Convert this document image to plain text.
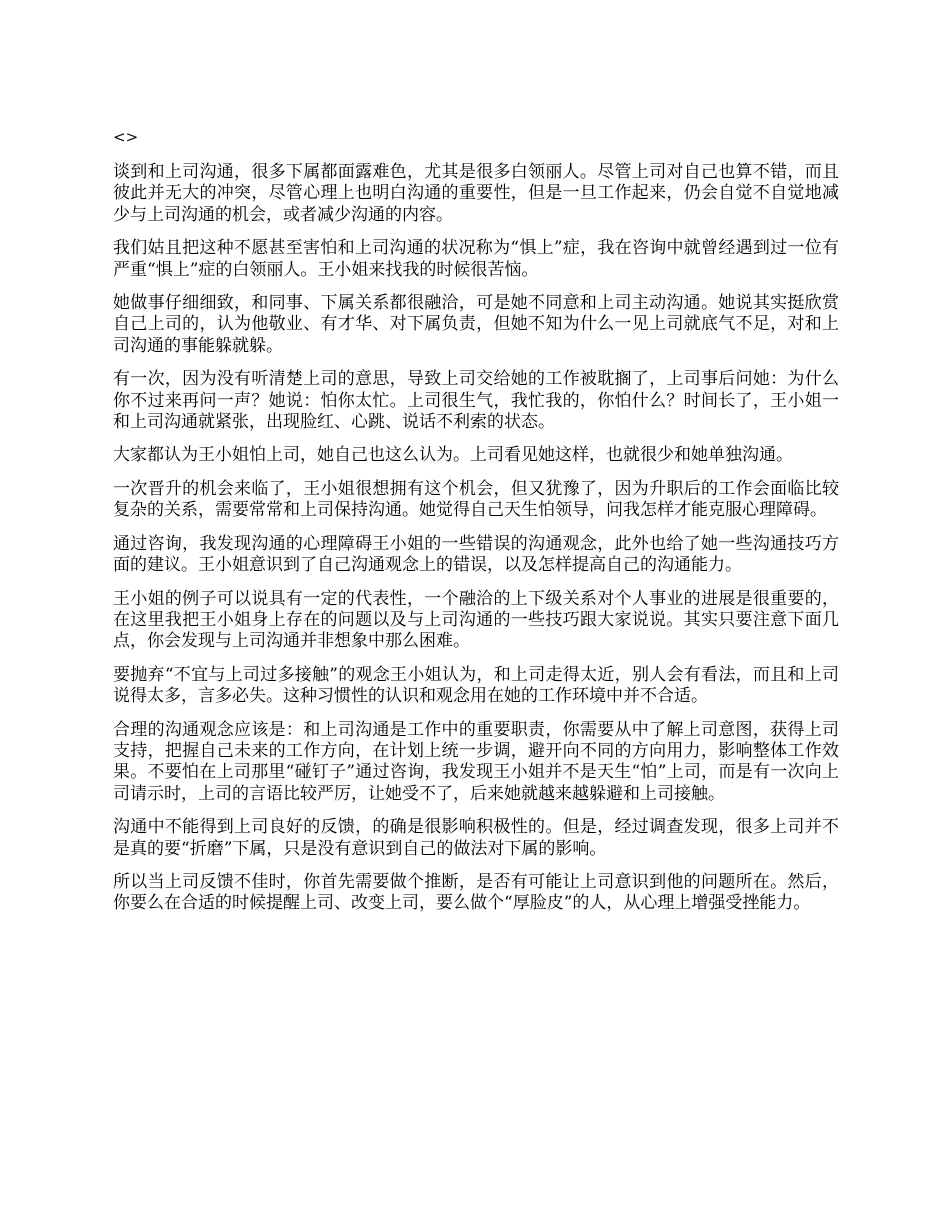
<>

谈到和上司沟通，很多下属都面露难色，尤其是很多白领丽人。尽管上司对自己也算不错，而且彼此并无大的冲突，尽管心理上也明白沟通的重要性，但是一旦工作起来，仍会自觉不自觉地减少与上司沟通的机会，或者减少沟通的内容。

我们姑且把这种不愿甚至害怕和上司沟通的状况称为“惧上”症，我在咨询中就曾经遇到过一位有严重“惧上”症的白领丽人。王小姐来找我的时候很苦恼。

她做事仔细细致，和同事、下属关系都很融洽，可是她不同意和上司主动沟通。她说其实挺欣赏自己上司的，认为他敬业、有才华、对下属负责，但她不知为什么一见上司就底气不足，对和上司沟通的事能躲就躲。

有一次，因为没有听清楚上司的意思，导致上司交给她的工作被耽搁了，上司事后问她：为什么你不过来再问一声？她说：怕你太忙。上司很生气，我忙我的，你怕什么？时间长了，王小姐一和上司沟通就紧张，出现脸红、心跳、说话不利索的状态。

大家都认为王小姐怕上司，她自己也这么认为。上司看见她这样，也就很少和她单独沟通。

一次晋升的机会来临了，王小姐很想拥有这个机会，但又犹豫了，因为升职后的工作会面临比较复杂的关系，需要常常和上司保持沟通。她觉得自己天生怕领导，问我怎样才能克服心理障碍。

通过咨询，我发现沟通的心理障碍王小姐的一些错误的沟通观念，此外也给了她一些沟通技巧方面的建议。王小姐意识到了自己沟通观念上的错误，以及怎样提高自己的沟通能力。

王小姐的例子可以说具有一定的代表性，一个融洽的上下级关系对个人事业的进展是很重要的，在这里我把王小姐身上存在的问题以及与上司沟通的一些技巧跟大家说说。其实只要注意下面几点，你会发现与上司沟通并非想象中那么困难。

要抛弃“不宜与上司过多接触”的观念王小姐认为，和上司走得太近，别人会有看法，而且和上司说得太多，言多必失。这种习惯性的认识和观念用在她的工作环境中并不合适。

合理的沟通观念应该是：和上司沟通是工作中的重要职责，你需要从中了解上司意图，获得上司支持，把握自己未来的工作方向，在计划上统一步调，避开向不同的方向用力，影响整体工作效果。不要怕在上司那里“碰钉子”通过咨询，我发现王小姐并不是天生“怕”上司，而是有一次向上司请示时，上司的言语比较严厉，让她受不了，后来她就越来越躲避和上司接触。

沟通中不能得到上司良好的反馈，的确是很影响积极性的。但是，经过调查发现，很多上司并不是真的要“折磨”下属，只是没有意识到自己的做法对下属的影响。

所以当上司反馈不佳时，你首先需要做个推断，是否有可能让上司意识到他的问题所在。然后，你要么在合适的时候提醒上司、改变上司，要么做个“厚脸皮”的人，从心理上增强受挫能力。
